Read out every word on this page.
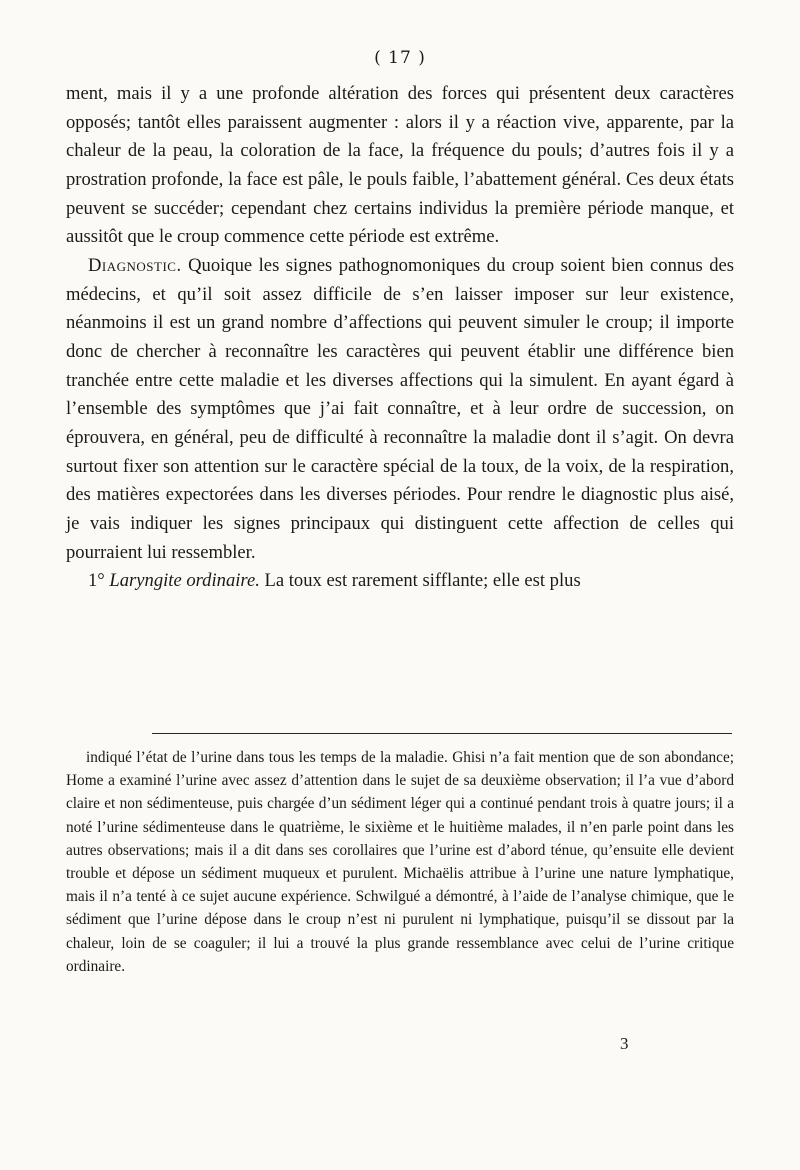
( 17 )

ment, mais il y a une profonde altération des forces qui présentent deux caractères opposés; tantôt elles paraissent augmenter : alors il y a réaction vive, apparente, par la chaleur de la peau, la coloration de la face, la fréquence du pouls; d’autres fois il y a prostration profonde, la face est pâle, le pouls faible, l’abattement général. Ces deux états peuvent se succéder; cependant chez certains individus la première période manque, et aussitôt que le croup commence cette période est extrême.

Diagnostic. Quoique les signes pathognomoniques du croup soient bien connus des médecins, et qu’il soit assez difficile de s’en laisser imposer sur leur existence, néanmoins il est un grand nombre d’affections qui peuvent simuler le croup; il importe donc de chercher à reconnaître les caractères qui peuvent établir une différence bien tranchée entre cette maladie et les diverses affections qui la simulent. En ayant égard à l’ensemble des symptômes que j’ai fait connaître, et à leur ordre de succession, on éprouvera, en général, peu de difficulté à reconnaître la maladie dont il s’agit. On devra surtout fixer son attention sur le caractère spécial de la toux, de la voix, de la respiration, des matières expectorées dans les diverses périodes. Pour rendre le diagnostic plus aisé, je vais indiquer les signes principaux qui distinguent cette affection de celles qui pourraient lui ressembler.

1° Laryngite ordinaire. La toux est rarement sifflante; elle est plus

indiqué l’état de l’urine dans tous les temps de la maladie. Ghisi n’a fait mention que de son abondance; Home a examiné l’urine avec assez d’attention dans le sujet de sa deuxième observation; il l’a vue d’abord claire et non sédimenteuse, puis chargée d’un sédiment léger qui a continué pendant trois à quatre jours; il a noté l’urine sédimenteuse dans le quatrième, le sixième et le huitième malades, il n’en parle point dans les autres observations; mais il a dit dans ses corollaires que l’urine est d’abord ténue, qu’ensuite elle devient trouble et dépose un sédiment muqueux et purulent. Michaëlis attribue à l’urine une nature lymphatique, mais il n’a tenté à ce sujet aucune expérience. Schwilgué a démontré, à l’aide de l’analyse chimique, que le sédiment que l’urine dépose dans le croup n’est ni purulent ni lymphatique, puisqu’il se dissout par la chaleur, loin de se coaguler; il lui a trouvé la plus grande ressemblance avec celui de l’urine critique ordinaire.

3
